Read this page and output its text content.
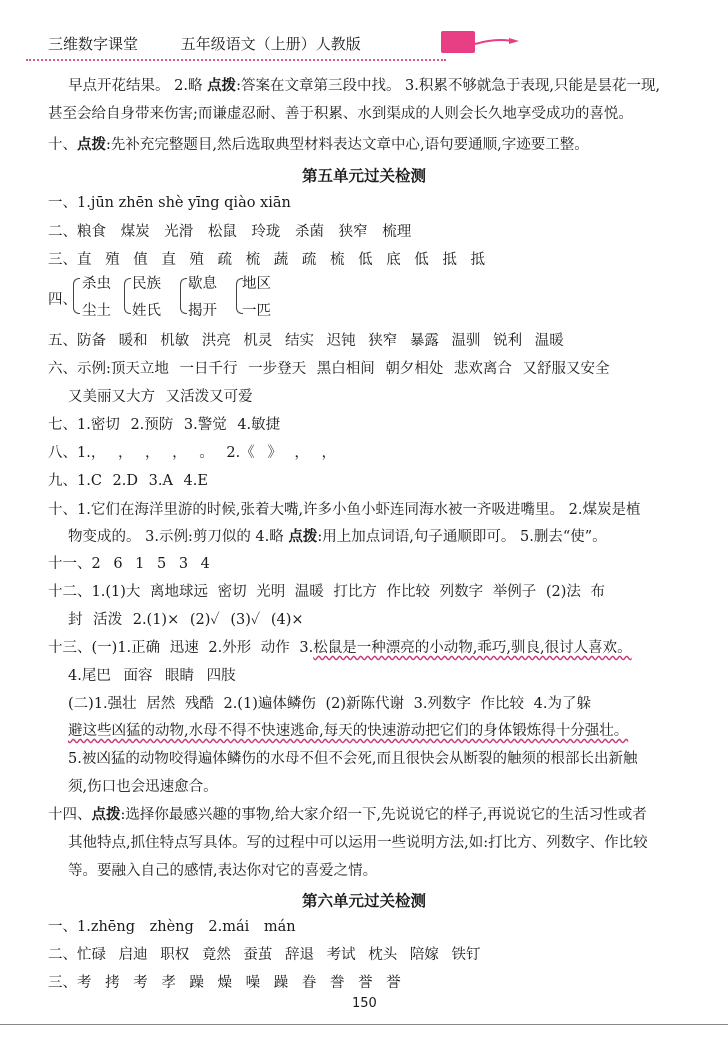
三维数字课堂	五年级语文（上册）人教版
早点开花结果。 2.略 点拨:答案在文章第三段中找。 3.积累不够就急于表现,只能是昙花一现,
甚至会给自身带来伤害;而谦虚忍耐、善于积累、水到渠成的人则会长久地享受成功的喜悦。
十、点拨:先补充完整题目,然后选取典型材料表达文章中心,语句要通顺,字迹要工整。
第五单元过关检测
一、1.jūn zhēn shè yīng qiào xiān
二、粮食 煤炭 光滑 松鼠 玲珑 杀菌 狭窄 梳理
三、直 殖 值 直 殖 疏 梳 蔬 疏 梳 低 底 低 抵 抵
四、
杀虫
尘土
民族
姓氏
歇息
揭开
地区
一匹
五、防备 暖和 机敏 洪亮 机灵 结实 迟钝 狭窄 暴露 温驯 锐利 温暖
六、示例:顶天立地 一日千行 一步登天 黑白相间 朝夕相处 悲欢离合 又舒服又安全
又美丽又大方 又活泼又可爱
七、1.密切 2.预防 3.警觉 4.敏捷
八、1.， ， ， ， 。 2.《 》 ， ，
九、1.C 2.D 3.A 4.E
十、1.它们在海洋里游的时候,张着大嘴,许多小鱼小虾连同海水被一齐吸进嘴里。 2.煤炭是植
物变成的。 3.示例:剪刀似的 4.略 点拨:用上加点词语,句子通顺即可。 5.删去“使”。
十一、2 6 1 5 3 4
十二、1.(1)大 离地球远 密切 光明 温暖 打比方 作比较 列数字 举例子 (2)法 布
封 活泼 2.(1)× (2)✓ (3)✓ (4)×
十三、(一)1.正确 迅速 2.外形 动作 3.松鼠是一种漂亮的小动物,乖巧,驯良,很讨人喜欢。
4.尾巴 面容 眼睛 四肢
(二)1.强壮 居然 残酷 2.(1)遍体鳞伤 (2)新陈代谢 3.列数字 作比较 4.为了躲
避这些凶猛的动物,水母不得不快速逃命,每天的快速游动把它们的身体锻炼得十分强壮。
5.被凶猛的动物咬得遍体鳞伤的水母不但不会死,而且很快会从断裂的触须的根部长出新触
须,伤口也会迅速愈合。
十四、点拨:选择你最感兴趣的事物,给大家介绍一下,先说说它的样子,再说说它的生活习性或者
其他特点,抓住特点写具体。写的过程中可以运用一些说明方法,如:打比方、列数字、作比较
等。要融入自己的感情,表达你对它的喜爱之情。
第六单元过关检测
一、1.zhēng zhèng 2.mái mán
二、忙碌 启迪 职权 竟然 蚕茧 辞退 考试 枕头 陪嫁 铁钉
三、考 拷 考 孝 躁 燥 噪 躁 眷 誊 誉 誉
150
